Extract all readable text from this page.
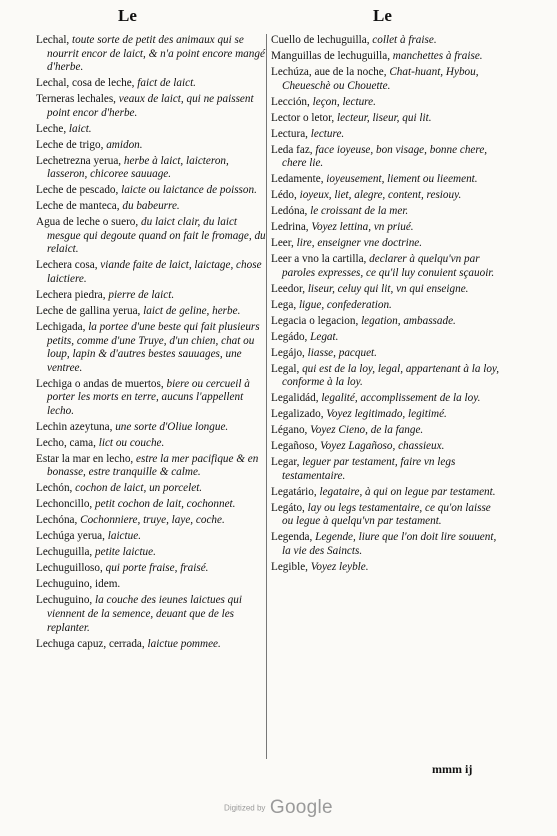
Le	Le

Lechal, toute sorte de petit des animaux qui se nourrit encor de laict, & n'a point encore mangé d'herbe.

Lechal, cosa de leche, faict de laict.

Terneras lechales, veaux de laict, qui ne paissent point encor d'herbe.

Leche, laict.

Leche de trigo, amidon.

Lechetrezna yerua, herbe à laict, laicteron, lasseron, chicoree sauuage.

Leche de pescado, laicte ou laictance de poisson.

Leche de manteca, du babeurre.

Agua de leche o suero, du laict clair, du laict mesgue qui degoute quand on fait le fromage, du relaict.

Lechera cosa, viande faite de laict, laictage, chose laictiere.

Lechera piedra, pierre de laict.

Leche de gallina yerua, laict de geline, herbe.

Lechigada, la portee d'une beste qui fait plusieurs petits, comme d'une Truye, d'un chien, chat ou loup, lapin & d'autres bestes sauuages, une ventree.

Lechiga o andas de muertos, biere ou cercueil à porter les morts en terre, aucuns l'appellent lecho.

Lechin azeytuna, une sorte d'Oliue longue.

Lecho, cama, lict ou couche.

Estar la mar en lecho, estre la mer pacifique & en bonasse, estre tranquille & calme.

Lechón, cochon de laict, un porcelet.

Lechoncillo, petit cochon de lait, cochonnet.

Lechóna, Cochonniere, truye, laye, coche.

Lechúga yerua, laictue.

Lechuguilla, petite laictue.

Lechuguilloso, qui porte fraise, fraisé.

Lechuguino, idem.

Lechuguino, la couche des ieunes laictues qui viennent de la semence, deuant que de les replanter.

Lechuga capuz, cerrada, laictue pommee.

Cuello de lechuguilla, collet à fraise.

Manguillas de lechuguilla, manchettes à fraise.

Lechúza, aue de la noche, Chat-huant, Hybou, Cheueschè ou Chouette.

Lección, leçon, lecture.

Lector o letor, lecteur, liseur, qui lit.

Lectura, lecture.

Leda faz, face ioyeuse, bon visage, bonne chere, chere lie.

Ledamente, ioyeusement, liement ou lieement.

Lédo, ioyeux, liet, alegre, content, resiouy.

Ledóna, le croissant de la mer.

Ledrina, Voyez lettina, vn priué.

Leer, lire, enseigner vne doctrine.

Leer a vno la cartilla, declarer à quelqu'vn par paroles expresses, ce qu'il luy conuient sçauoir.

Leedor, liseur, celuy qui lit, vn qui enseigne.

Lega, ligue, confederation.

Legacia o legacion, legation, ambassade.

Legádo, Legat.

Legájo, liasse, pacquet.

Legal, qui est de la loy, legal, appartenant à la loy, conforme à la loy.

Legalidád, legalité, accomplissement de la loy.

Legalizado, Voyez legitimado, legitimé.

Légano, Voyez Cieno, de la fange.

Legañoso, Voyez Lagañoso, chassieux.

Legar, leguer par testament, faire vn legs testamentaire.

Legatário, legataire, à qui on legue par testament.

Legáto, lay ou legs testamentaire, ce qu'on laisse ou legue à quelqu'vn par testament.

Legenda, Legende, liure que l'on doit lire souuent, la vie des Saincts.

Legible, Voyez leyble.

mmm ij
Digitized by Google
